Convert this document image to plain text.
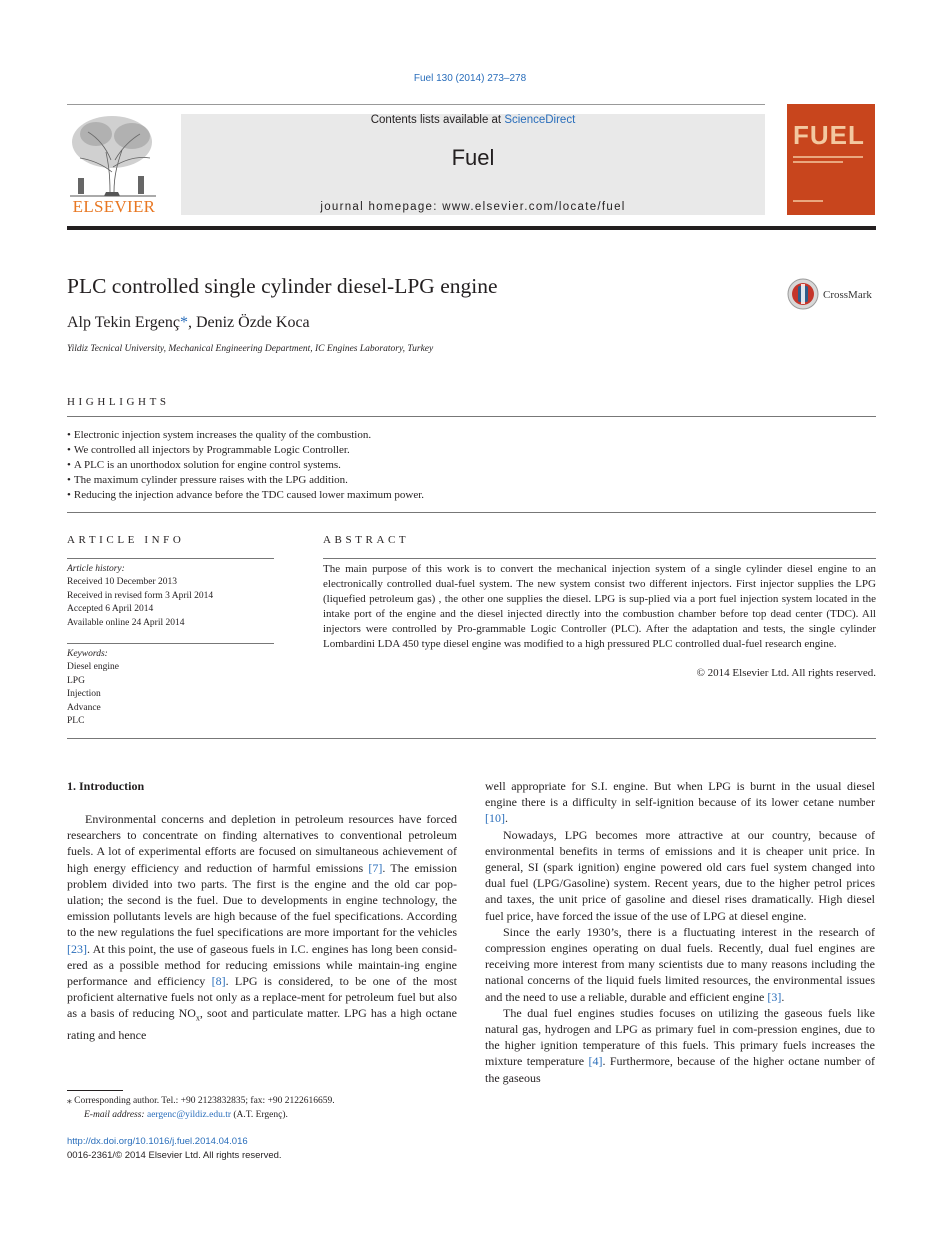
Fuel 130 (2014) 273–278
ELSEVIER
Contents lists available at ScienceDirect
Fuel
journal homepage: www.elsevier.com/locate/fuel
FUEL
PLC controlled single cylinder diesel-LPG engine	CrossMark
Alp Tekin Ergenç*, Deniz Özde Koca
Yildiz Tecnical University, Mechanical Engineering Department, IC Engines Laboratory, Turkey
HIGHLIGHTS
• Electronic injection system increases the quality of the combustion.
• We controlled all injectors by Programmable Logic Controller.
• A PLC is an unorthodox solution for engine control systems.
• The maximum cylinder pressure raises with the LPG addition.
• Reducing the injection advance before the TDC caused lower maximum power.
ARTICLE INFO
Article history:
Received 10 December 2013
Received in revised form 3 April 2014
Accepted 6 April 2014
Available online 24 April 2014
Keywords:
Diesel engine
LPG
Injection
Advance
PLC
ABSTRACT
The main purpose of this work is to convert the mechanical injection system of a single cylinder diesel engine to an electronically controlled dual-fuel system. The new system consist two different injectors. First injector supplies the LPG (liquefied petroleum gas) , the other one supplies the diesel. LPG is sup-plied via a port fuel injection system located in the intake port of the engine and the diesel injected directly into the combustion chamber before top dead center (TDC). All injectors were controlled by Pro-grammable Logic Controller (PLC). After the adaptation and tests, the single cylinder Lombardini LDA 450 type diesel engine was modified to a high pressured PLC controlled dual-fuel research engine.
© 2014 Elsevier Ltd. All rights reserved.
1. Introduction

Environmental concerns and depletion in petroleum resources have forced researchers to concentrate on finding alternatives to conventional petroleum fuels. A lot of experimental efforts are focused on simultaneous achievement of high energy efficiency and reduction of harmful emissions [7]. The emission problem divided into two parts. The first is the engine and the old car pop-ulation; the second is the fuel. Due to developments in engine technology, the emission pollutants levels are high because of the fuel specifications. According to the new regulations the fuel specifications are more important for the vehicles [23]. At this point, the use of gaseous fuels in I.C. engines has long been consid-ered as a possible method for reducing emissions while maintain-ing engine performance and efficiency [8]. LPG is considered, to be one of the most proficient alternative fuels not only as a replace-ment for petroleum fuel but also as a basis of reducing $NO_x$, soot and particulate matter. LPG has a high octane rating and hence

well appropriate for S.I. engine. But when LPG is burnt in the usual diesel engine there is a difficulty in self-ignition because of its lower cetane number [10].

Nowadays, LPG becomes more attractive at our country, because of environmental benefits in terms of emissions and it is cheaper unit price. In general, SI (spark ignition) engine powered old cars fuel system changed into dual fuel (LPG/Gasoline) system. Recent years, due to the higher petrol prices and taxes, the unit price of gasoline and diesel rises dramatically. High diesel fuel price, have forced the issue of the use of LPG at diesel engine.

Since the early 1930’s, there is a fluctuating interest in the research of compression engines operating on dual fuels. Recently, dual fuel engines are receiving more interest from many scientists due to many reasons including the national concerns of the liquid fuels limited resources, the environmental issues and the need to use a reliable, durable and efficient engine [3].

The dual fuel engines studies focuses on utilizing the gaseous fuels like natural gas, hydrogen and LPG as primary fuel in com-pression engines, due to the higher ignition temperature of this fuels. This primary fuels increases the mixture temperature [4]. Furthermore, because of the higher octane number of the gaseous

⁎ Corresponding author. Tel.: +90 2123832835; fax: +90 2122616659.
E-mail address: aergenc@yildiz.edu.tr (A.T. Ergenç).
http://dx.doi.org/10.1016/j.fuel.2014.04.016
0016-2361/© 2014 Elsevier Ltd. All rights reserved.
